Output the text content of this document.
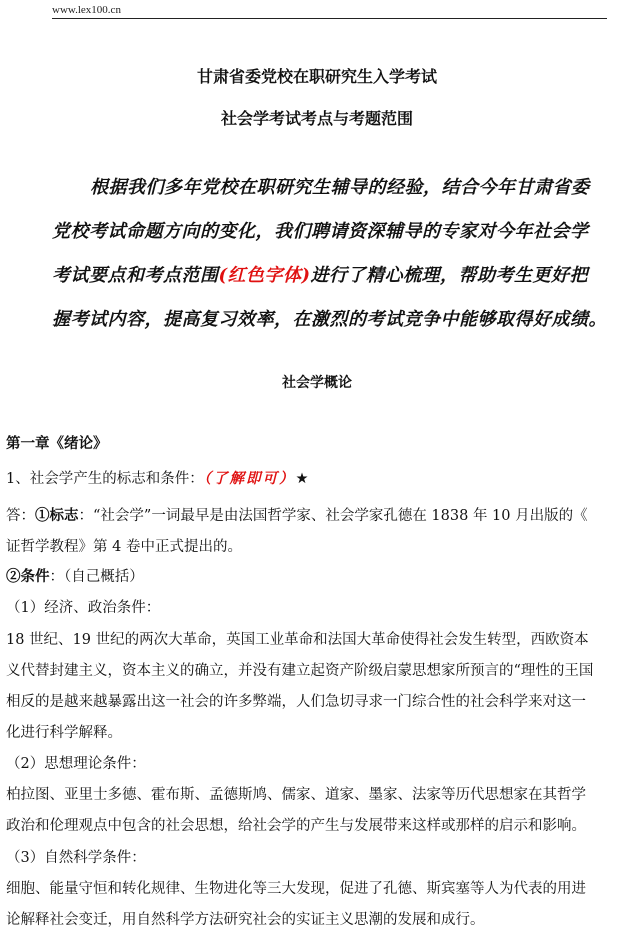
www.lex100.cn
甘肃省委党校在职研究生入学考试
社会学考试考点与考题范围
根据我们多年党校在职研究生辅导的经验，结合今年甘肃省委
党校考试命题方向的变化，我们聘请资深辅导的专家对今年社会学
考试要点和考点范围(红色字体)进行了精心梳理，帮助考生更好把
握考试内容，提高复习效率，在激烈的考试竞争中能够取得好成绩。
社会学概论
第一章《绪论》
1、社会学产生的标志和条件：（了解即可）★
答：①标志：“社会学”一词最早是由法国哲学家、社会学家孔德在 1838 年 10 月出版的《
证哲学教程》第 4 卷中正式提出的。
②条件：（自己概括）
（1）经济、政治条件：
18 世纪、19 世纪的两次大革命，英国工业革命和法国大革命使得社会发生转型，西欧资本
义代替封建主义，资本主义的确立，并没有建立起资产阶级启蒙思想家所预言的“理性的王国
相反的是越来越暴露出这一社会的许多弊端，人们急切寻求一门综合性的社会科学来对这一
化进行科学解释。
（2）思想理论条件：
柏拉图、亚里士多德、霍布斯、孟德斯鸠、儒家、道家、墨家、法家等历代思想家在其哲学
政治和伦理观点中包含的社会思想，给社会学的产生与发展带来这样或那样的启示和影响。
（3）自然科学条件：
细胞、能量守恒和转化规律、生物进化等三大发现，促进了孔德、斯宾塞等人为代表的用进
论解释社会变迁，用自然科学方法研究社会的实证主义思潮的发展和成行。
